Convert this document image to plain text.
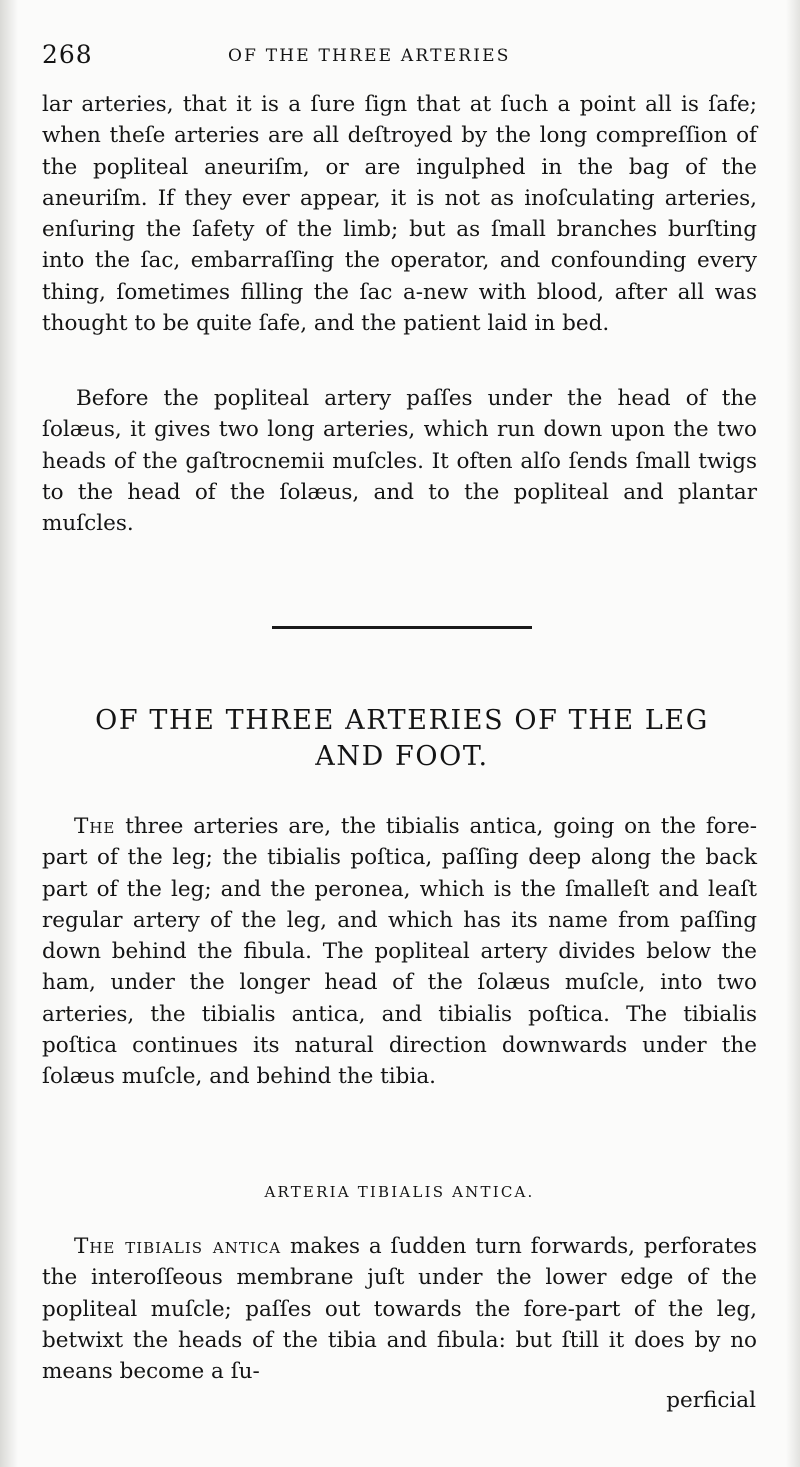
268	OF THE THREE ARTERIES

lar arteries, that it is a ſure ſign that at ſuch a point all is ſafe; when theſe arteries are all deſtroyed by the long compreſſion of the popliteal aneuriſm, or are ingulphed in the bag of the aneuriſm. If they ever appear, it is not as inoſculating arteries, enſuring the ſafety of the limb; but as ſmall branches burſting into the ſac, embarraſſing the operator, and confounding every thing, ſometimes filling the ſac a-new with blood, after all was thought to be quite ſafe, and the patient laid in bed.

Before the popliteal artery paſſes under the head of the ſolæus, it gives two long arteries, which run down upon the two heads of the gaſtrocnemii muſcles. It often alſo ſends ſmall twigs to the head of the ſolæus, and to the popliteal and plantar muſcles.

OF THE THREE ARTERIES OF THE LEG
AND FOOT.

The three arteries are, the tibialis antica, going on the fore-part of the leg; the tibialis poſtica, paſſing deep along the back part of the leg; and the peronea, which is the ſmalleſt and leaſt regular artery of the leg, and which has its name from paſſing down behind the fibula. The popliteal artery divides below the ham, under the longer head of the ſolæus muſcle, into two arteries, the tibialis antica, and tibialis poſtica. The tibialis poſtica continues its natural direction downwards under the ſolæus muſcle, and behind the tibia.

ARTERIA TIBIALIS ANTICA.

The tibialis antica makes a ſudden turn forwards, perforates the interoſſeous membrane juſt under the lower edge of the popliteal muſcle; paſſes out towards the fore-part of the leg, betwixt the heads of the tibia and fibula: but ſtill it does by no means become a ſu-

perficial
